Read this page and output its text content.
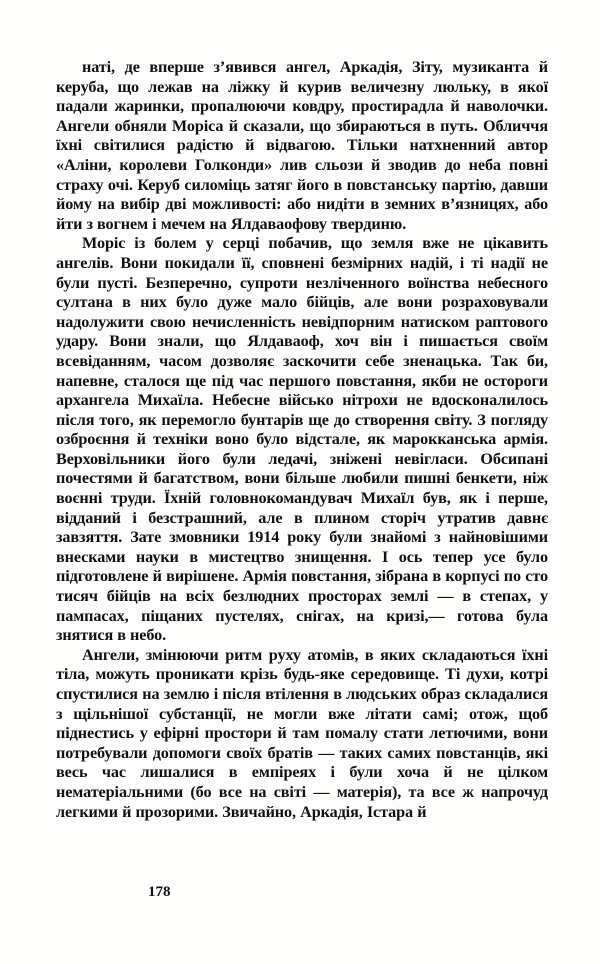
наті, де вперше з’явився ангел, Аркадія, Зіту, музиканта й керуба, що лежав на ліжку й курив величезну люльку, в якої падали жаринки, пропалюючи ковдру, простирадла й наволочки. Ангели обняли Моріса й сказали, що збираються в путь. Обличчя їхні світилися радістю й відвагою. Тільки натхненний автор «Аліни, королеви Голконди» лив сльози й зводив до неба повні страху очі. Керуб силоміць затяг його в повстанську партію, давши йому на вибір дві можливості: або нидіти в земних в’язницях, або йти з вогнем і мечем на Ялдаваофову твердиню.

Моріс із болем у серці побачив, що земля вже не цікавить ангелів. Вони покидали її, сповнені безмірних надій, і ті надії не були пусті. Безперечно, супроти незліченного воїнства небесного султана в них було дуже мало бійців, але вони розраховували надолужити свою нечисленність невідпорним натиском раптового удару. Вони знали, що Ялдаваоф, хоч він і пишається своїм всевіданням, часом дозволяє заскочити себе зненацька. Так би, напевне, сталося ще під час першого повстання, якби не остороги архангела Михаїла. Небесне військо нітрохи не вдосконалилось після того, як перемогло бунтарів ще до створення світу. З погляду озброєння й техніки воно було відстале, як марокканська армія. Верховільники його були ледачі, зніжені невігласи. Обсипані почестями й багатством, вони більше любили пишні бенкети, ніж воєнні труди. Їхній головнокомандувач Михаїл був, як і перше, відданий і безстрашний, але в плином сторіч утратив давнє завзяття. Зате змовники 1914 року були знайомі з найновішими внесками науки в мистецтво знищення. І ось тепер усе було підготовлене й вирішене. Армія повстання, зібрана в корпусі по сто тисяч бійців на всіх безлюдних просторах землі — в степах, у пампасах, піщаних пустелях, снігах, на кризі,— готова була знятися в небо.

Ангели, змінюючи ритм руху атомів, в яких складаються їхні тіла, можуть проникати крізь будь-яке середовище. Ті духи, котрі спустилися на землю і після втілення в людських образ складалися з щільнішої субстанції, не могли вже літати самі; отож, щоб піднестись у ефірні простори й там помалу стати летючими, вони потребували допомоги своїх братів — таких самих повстанців, які весь час лишалися в емпіреях і були хоча й не цілком нематеріальними (бо все на світі — матерія), та все ж напрочуд легкими й прозорими. Звичайно, Аркадія, Істара й

178
